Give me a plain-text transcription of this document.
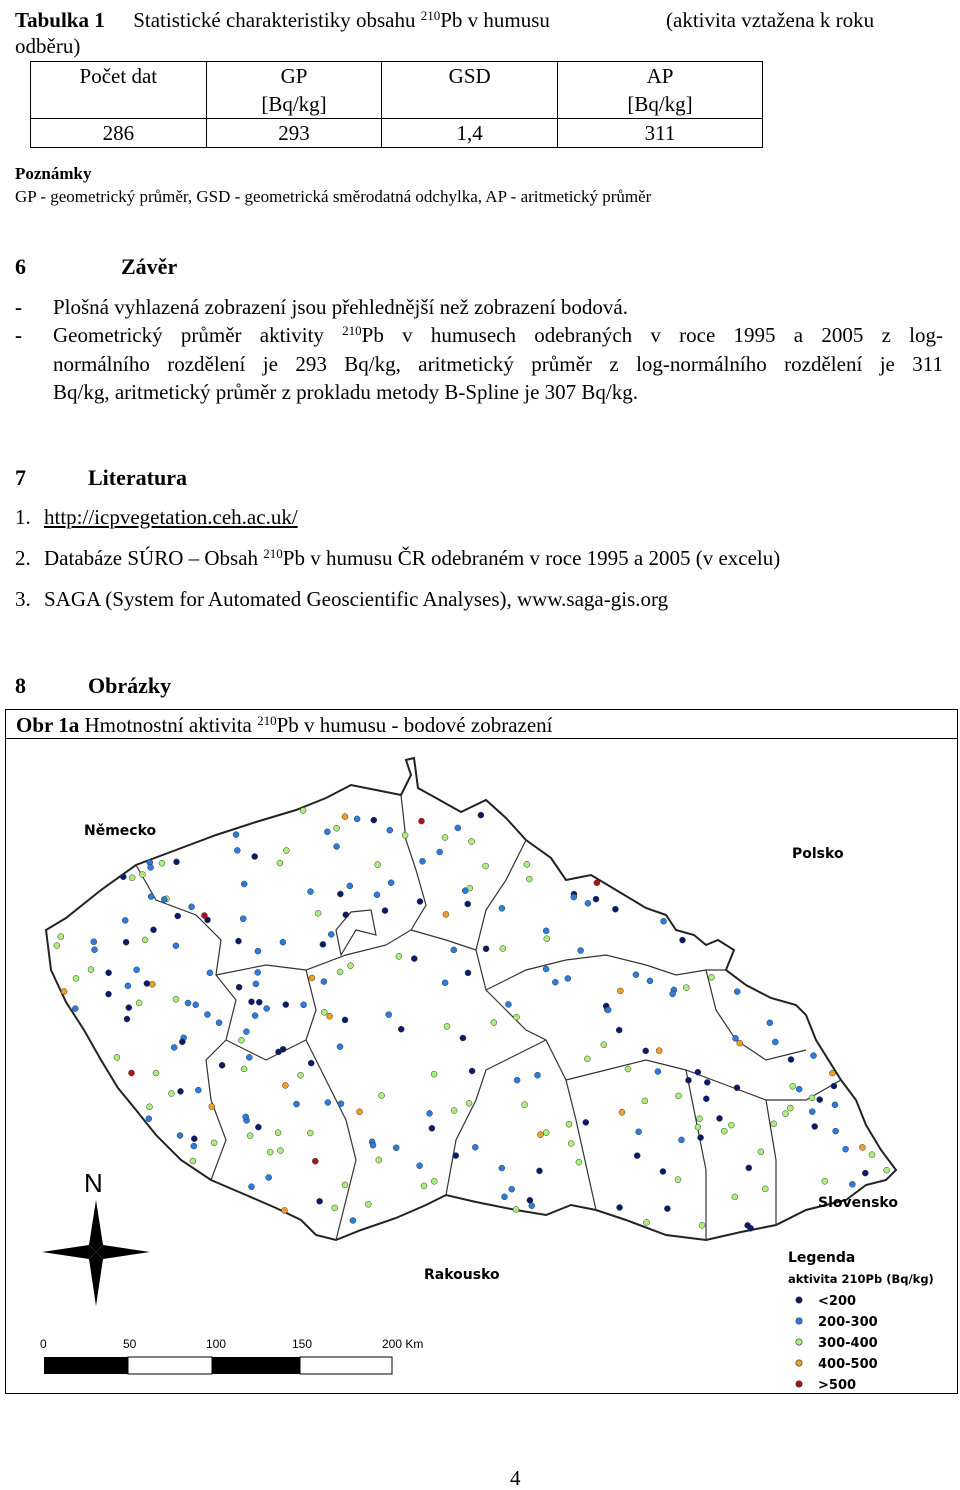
Tabulka 1 Statistické charakteristiky obsahu $^{210}$Pb v humusu	(aktivita vztažena k roku
odběru)
Počet dat	GP	GSD	AP
	[Bq/kg]		[Bq/kg]
286	293	1,4	311
Poznámky
GP - geometrický průměr, GSD - geometrická směrodatná odchylka, AP - aritmetický průměr
6	Závěr
- Plošná vyhlazená zobrazení jsou přehlednější než zobrazení bodová.
- Geometrický průměr aktivity $^{210}$Pb v humusech odebraných v roce 1995 a 2005 z log-
normálního rozdělení je 293 Bq/kg, aritmetický průměr z log-normálního rozdělení je 311
Bq/kg, aritmetický průměr z prokladu metody B-Spline je 307 Bq/kg.
7	Literatura
1. http://icpvegetation.ceh.ac.uk/
2. Databáze SÚRO – Obsah $^{210}$Pb v humusu ČR odebraném v roce 1995 a 2005 (v excelu)
3. SAGA (System for Automated Geoscientific Analyses), www.saga-gis.org
8	Obrázky
Obr 1a Hmotnostní aktivita $^{210}$Pb v humusu - bodové zobrazení
Německo
Polsko
Slovensko
Rakousko
N
0	50	100	150	200 Km
Legenda
aktivita 210Pb (Bq/kg)
<200
200-300
300-400
400-500
>500
4
